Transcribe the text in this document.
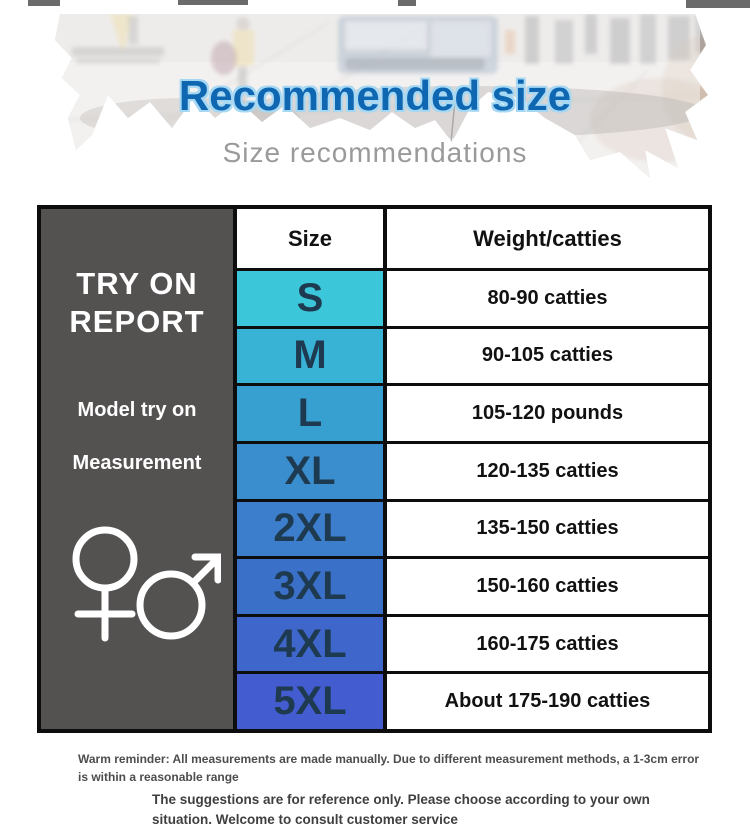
Recommended size
Size recommendations
TRY ON
REPORT
Model try on
Measurement
Size	Weight/catties
S	80-90 catties
M	90-105 catties
L	105-120 pounds
XL	120-135 catties
2XL	135-150 catties
3XL	150-160 catties
4XL	160-175 catties
5XL	About 175-190 catties
Warm reminder: All measurements are made manually. Due to different measurement methods, a 1-3cm error is within a reasonable range
The suggestions are for reference only. Please choose according to your own situation. Welcome to consult customer service
